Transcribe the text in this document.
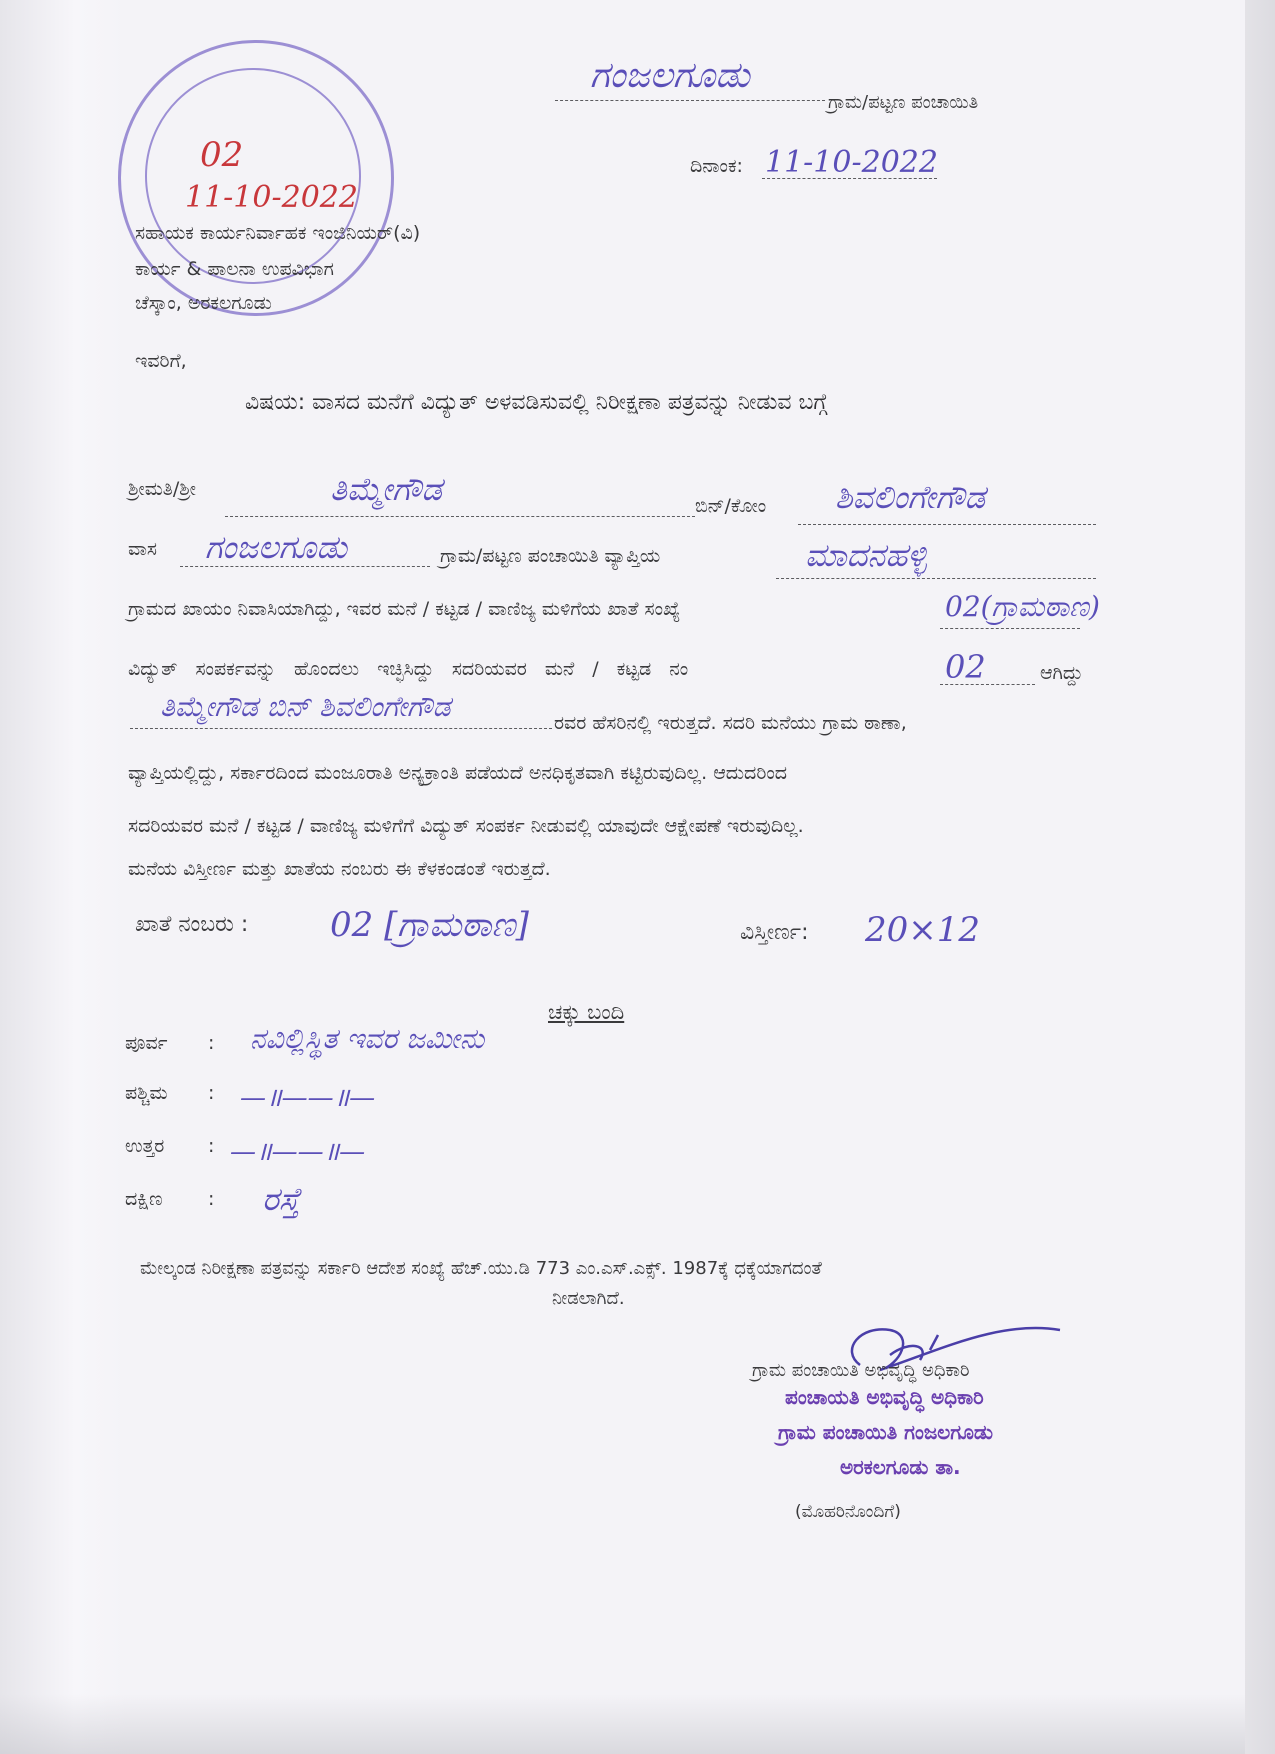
02
11-10-2022
ಗಂಜಲಗೂಡು
ಗ್ರಾಮ/ಪಟ್ಟಣ ಪಂಚಾಯಿತಿ
ದಿನಾಂಕ: 11-10-2022
ಸಹಾಯಕ ಕಾರ್ಯನಿರ್ವಾಹಕ ಇಂಜಿನಿಯರ್(ವಿ)
ಕಾರ್ಯ & ಪಾಲನಾ ಉಪವಿಭಾಗ
ಚೆಸ್ಕಾಂ, ಅರಕಲಗೂಡು
ಇವರಿಗೆ,
ವಿಷಯ: ವಾಸದ ಮನೆಗೆ ವಿದ್ಯುತ್ ಅಳವಡಿಸುವಲ್ಲಿ ನಿರೀಕ್ಷಣಾ ಪತ್ರವನ್ನು ನೀಡುವ ಬಗ್ಗೆ
ಶ್ರೀಮತಿ/ಶ್ರೀ	ತಿಮ್ಮೇಗೌಡ	ಬಿನ್/ಕೋಂ ಶಿವಲಿಂಗೇಗೌಡ
ವಾಸ ಗಂಜಲಗೂಡು	ಗ್ರಾಮ/ಪಟ್ಟಣ ಪಂಚಾಯಿತಿ ವ್ಯಾಪ್ತಿಯ	ಮಾದನಹಳ್ಳಿ
ಗ್ರಾಮದ ಖಾಯಂ ನಿವಾಸಿಯಾಗಿದ್ದು, ಇವರ ಮನೆ / ಕಟ್ಟಡ / ವಾಣಿಜ್ಯ ಮಳಿಗೆಯ ಖಾತೆ ಸಂಖ್ಯೆ	02(ಗ್ರಾಮಠಾಣ)
ವಿದ್ಯುತ್ ಸಂಪರ್ಕವನ್ನು ಹೊಂದಲು ಇಚ್ಛಿಸಿದ್ದು ಸದರಿಯವರ ಮನೆ / ಕಟ್ಟಡ ನಂ	02	ಆಗಿದ್ದು
ತಿಮ್ಮೇಗೌಡ ಬಿನ್ ಶಿವಲಿಂಗೇಗೌಡ	ರವರ ಹೆಸರಿನಲ್ಲಿ ಇರುತ್ತದೆ. ಸದರಿ ಮನೆಯು ಗ್ರಾಮ ಠಾಣಾ,
ವ್ಯಾಪ್ತಿಯಲ್ಲಿದ್ದು, ಸರ್ಕಾರದಿಂದ ಮಂಜೂರಾತಿ ಅನ್ಯಕ್ರಾಂತಿ ಪಡೆಯದೆ ಅನಧಿಕೃತವಾಗಿ ಕಟ್ಟಿರುವುದಿಲ್ಲ. ಆದುದರಿಂದ
ಸದರಿಯವರ ಮನೆ / ಕಟ್ಟಡ / ವಾಣಿಜ್ಯ ಮಳಿಗೆಗೆ ವಿದ್ಯುತ್ ಸಂಪರ್ಕ ನೀಡುವಲ್ಲಿ ಯಾವುದೇ ಆಕ್ಷೇಪಣೆ ಇರುವುದಿಲ್ಲ.
ಮನೆಯ ವಿಸ್ತೀರ್ಣ ಮತ್ತು ಖಾತೆಯ ನಂಬರು ಈ ಕೆಳಕಂಡಂತೆ ಇರುತ್ತದೆ.
ಖಾತೆ ನಂಬರು : 02 [ಗ್ರಾಮಠಾಣ]	ವಿಸ್ತೀರ್ಣ: 20×12
ಚಕ್ಕು ಬಂದಿ
ಪೂರ್ವ : ನವಿಲ್ಲಿಸ್ಥಿತ ಇವರ ಜಮೀನು
ಪಶ್ಚಿಮ : —॥——॥—
ಉತ್ತರ : —॥——॥—
ದಕ್ಷಿಣ : ರಸ್ತೆ
ಮೇಲ್ಕಂಡ ನಿರೀಕ್ಷಣಾ ಪತ್ರವನ್ನು ಸರ್ಕಾರಿ ಆದೇಶ ಸಂಖ್ಯೆ ಹೆಚ್.ಯು.ಡಿ 773 ಎಂ.ಎಸ್.ಎಕ್ಸ್. 1987ಕ್ಕೆ ಧಕ್ಕೆಯಾಗದಂತೆ
ನೀಡಲಾಗಿದೆ.
ಗ್ರಾಮ ಪಂಚಾಯಿತಿ ಅಭಿವೃದ್ಧಿ ಅಧಿಕಾರಿ
ಪಂಚಾಯತಿ ಅಭಿವೃದ್ಧಿ ಅಧಿಕಾರಿ
ಗ್ರಾಮ ಪಂಚಾಯಿತಿ ಗಂಜಲಗೂಡು
ಅರಕಲಗೂಡು ತಾ.
(ಮೊಹರಿನೊಂದಿಗೆ)
